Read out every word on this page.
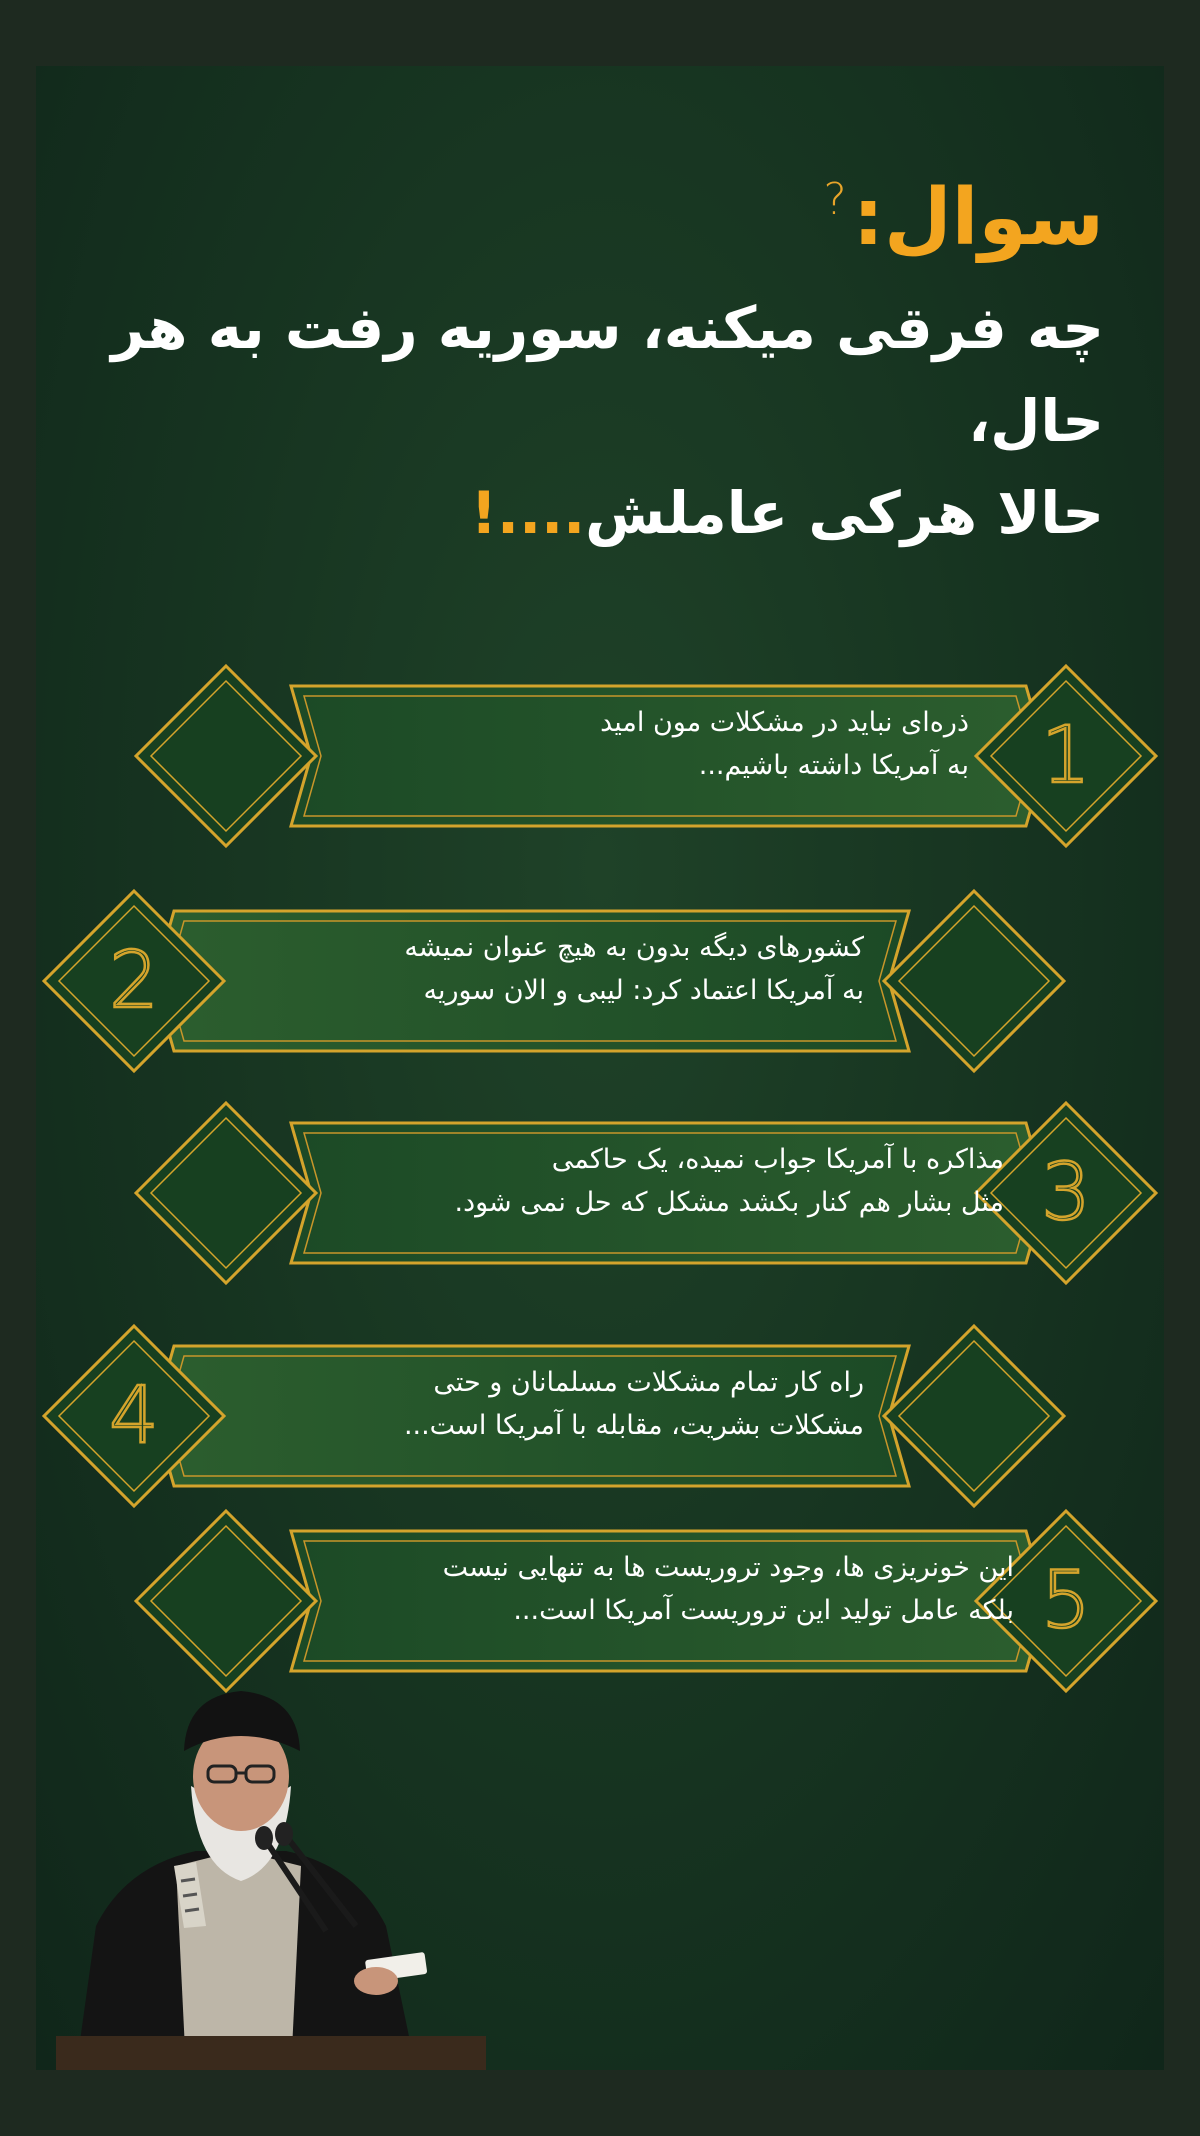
سوال:
?
چه فرقی میکنه، سوریه رفت به هر حال،
حالا هرکی عاملش....!
1
ذره‌ای نباید در مشکلات مون امید
به آمریکا داشته باشیم...
2	کشورهای دیگه بدون به هیچ عنوان نمیشه
به آمریکا اعتماد کرد: لیبی و الان سوریه
3
مذاکره با آمریکا جواب نمیده، یک حاکمی
مثل بشار هم کنار بکشد مشکل که حل نمی شود.
4	راه کار تمام مشکلات مسلمانان و حتی
مشکلات بشریت، مقابله با آمریکا است...
5
این خونریزی ها، وجود تروریست ها به تنهایی نیست
بلکه عامل تولید این تروریست آمریکا است...
